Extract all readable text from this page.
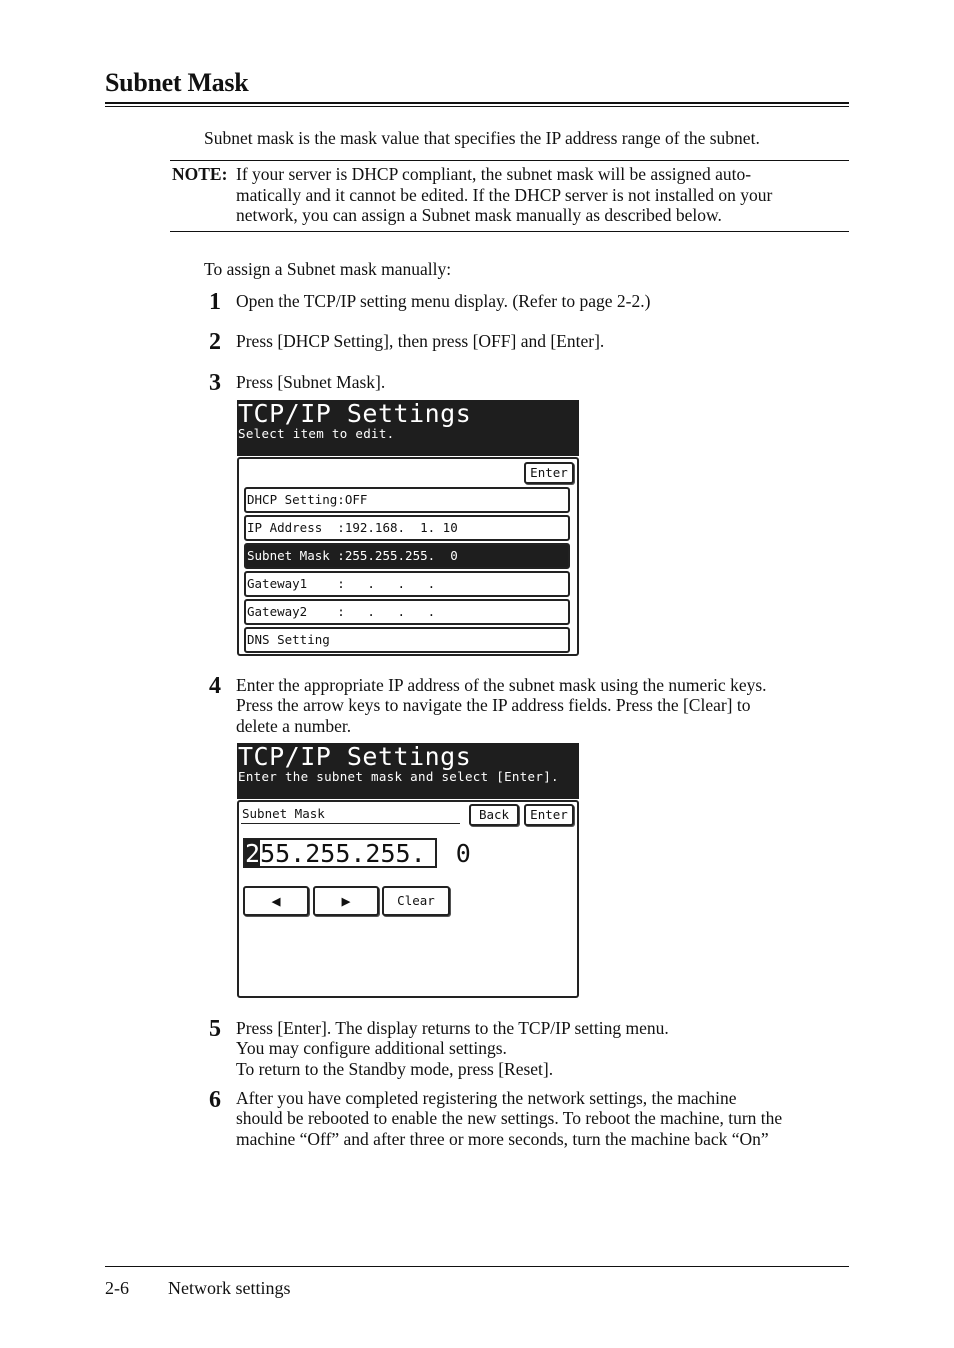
Subnet Mask
Subnet mask is the mask value that specifies the IP address range of the subnet.
NOTE: If your server is DHCP compliant, the subnet mask will be assigned auto-
matically and it cannot be edited. If the DHCP server is not installed on your
network, you can assign a Subnet mask manually as described below.
To assign a Subnet mask manually:
1 Open the TCP/IP setting menu display. (Refer to page 2-2.)
2 Press [DHCP Setting], then press [OFF] and [Enter].
3 Press [Subnet Mask].
TCP/IP Settings
Select item to edit.
Enter
DHCP Setting:OFF
IP Address  :192.168.  1. 10
Subnet Mask :255.255.255.  0
Gateway1    :   .   .   .
Gateway2    :   .   .   .
DNS Setting
4 Enter the appropriate IP address of the subnet mask using the numeric keys.
Press the arrow keys to navigate the IP address fields. Press the [Clear] to
delete a number.
TCP/IP Settings
Enter the subnet mask and select [Enter].
Subnet Mask	Back	Enter
255.255.255.  0
◀	▶	Clear
5 Press [Enter]. The display returns to the TCP/IP setting menu.
You may configure additional settings.
To return to the Standby mode, press [Reset].
6 After you have completed registering the network settings, the machine
should be rebooted to enable the new settings. To reboot the machine, turn the
machine “Off” and after three or more seconds, turn the machine back “On”
2-6 Network settings
